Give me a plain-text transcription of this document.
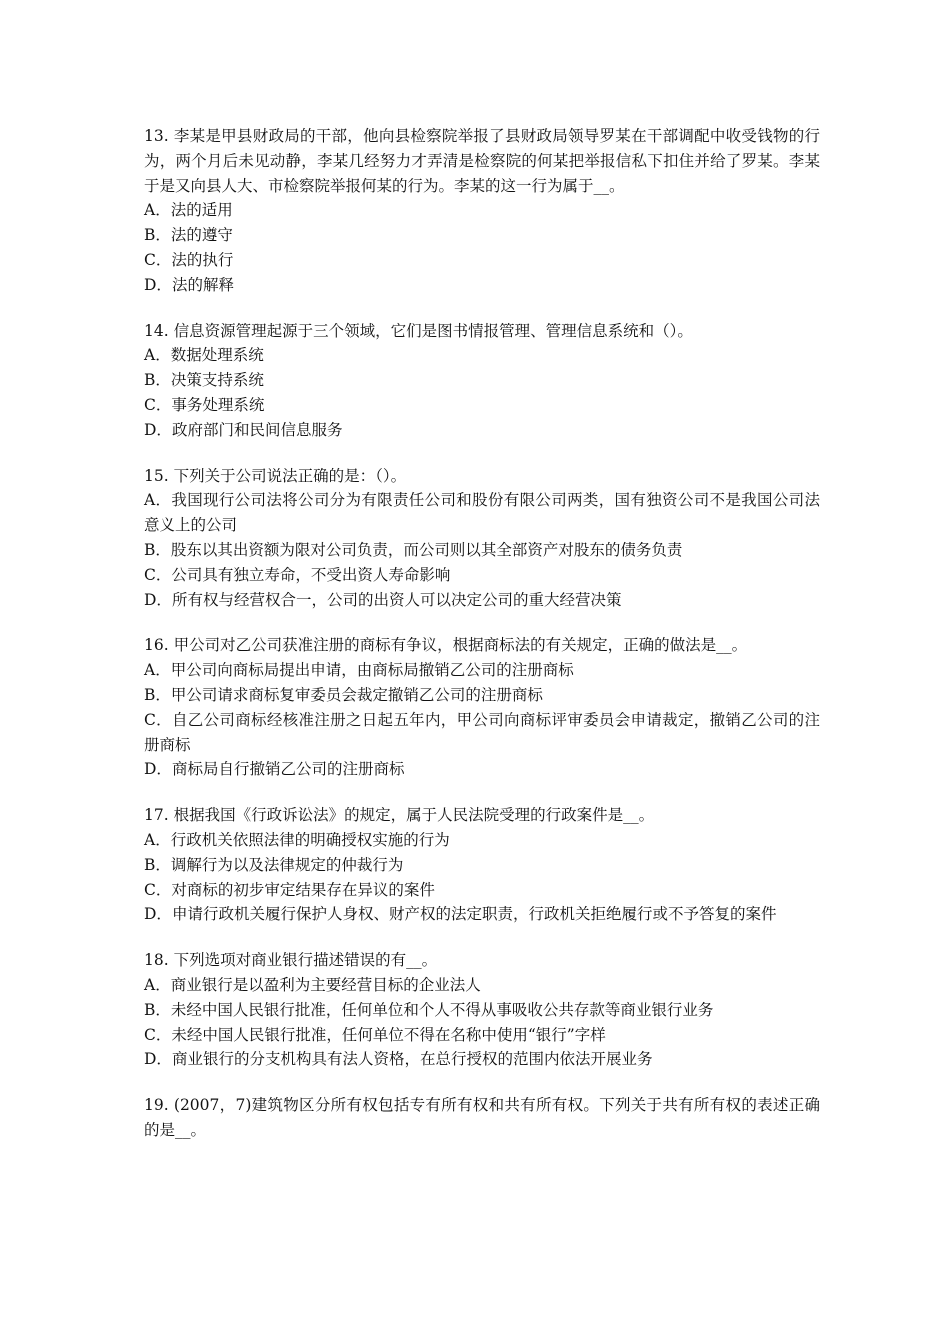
13. 李某是甲县财政局的干部，他向县检察院举报了县财政局领导罗某在干部调配中收受钱物的行为，两个月后未见动静，李某几经努力才弄清是检察院的何某把举报信私下扣住并给了罗某。李某于是又向县人大、市检察院举报何某的行为。李某的这一行为属于__。
A．法的适用
B．法的遵守
C．法的执行
D．法的解释
14. 信息资源管理起源于三个领域，它们是图书情报管理、管理信息系统和（）。
A．数据处理系统
B．决策支持系统
C．事务处理系统
D．政府部门和民间信息服务
15. 下列关于公司说法正确的是：（）。
A．我国现行公司法将公司分为有限责任公司和股份有限公司两类，国有独资公司不是我国公司法意义上的公司
B．股东以其出资额为限对公司负责，而公司则以其全部资产对股东的债务负责
C．公司具有独立寿命，不受出资人寿命影响
D．所有权与经营权合一，公司的出资人可以决定公司的重大经营决策
16. 甲公司对乙公司获准注册的商标有争议，根据商标法的有关规定，正确的做法是__。
A．甲公司向商标局提出申请，由商标局撤销乙公司的注册商标
B．甲公司请求商标复审委员会裁定撤销乙公司的注册商标
C．自乙公司商标经核准注册之日起五年内，甲公司向商标评审委员会申请裁定，撤销乙公司的注册商标
D．商标局自行撤销乙公司的注册商标
17. 根据我国《行政诉讼法》的规定，属于人民法院受理的行政案件是__。
A．行政机关依照法律的明确授权实施的行为
B．调解行为以及法律规定的仲裁行为
C．对商标的初步审定结果存在异议的案件
D．申请行政机关履行保护人身权、财产权的法定职责，行政机关拒绝履行或不予答复的案件
18. 下列选项对商业银行描述错误的有__。
A．商业银行是以盈利为主要经营目标的企业法人
B．未经中国人民银行批准，任何单位和个人不得从事吸收公共存款等商业银行业务
C．未经中国人民银行批准，任何单位不得在名称中使用“银行”字样
D．商业银行的分支机构具有法人资格，在总行授权的范围内依法开展业务
19. (2007，7)建筑物区分所有权包括专有所有权和共有所有权。下列关于共有所有权的表述正确的是__。
